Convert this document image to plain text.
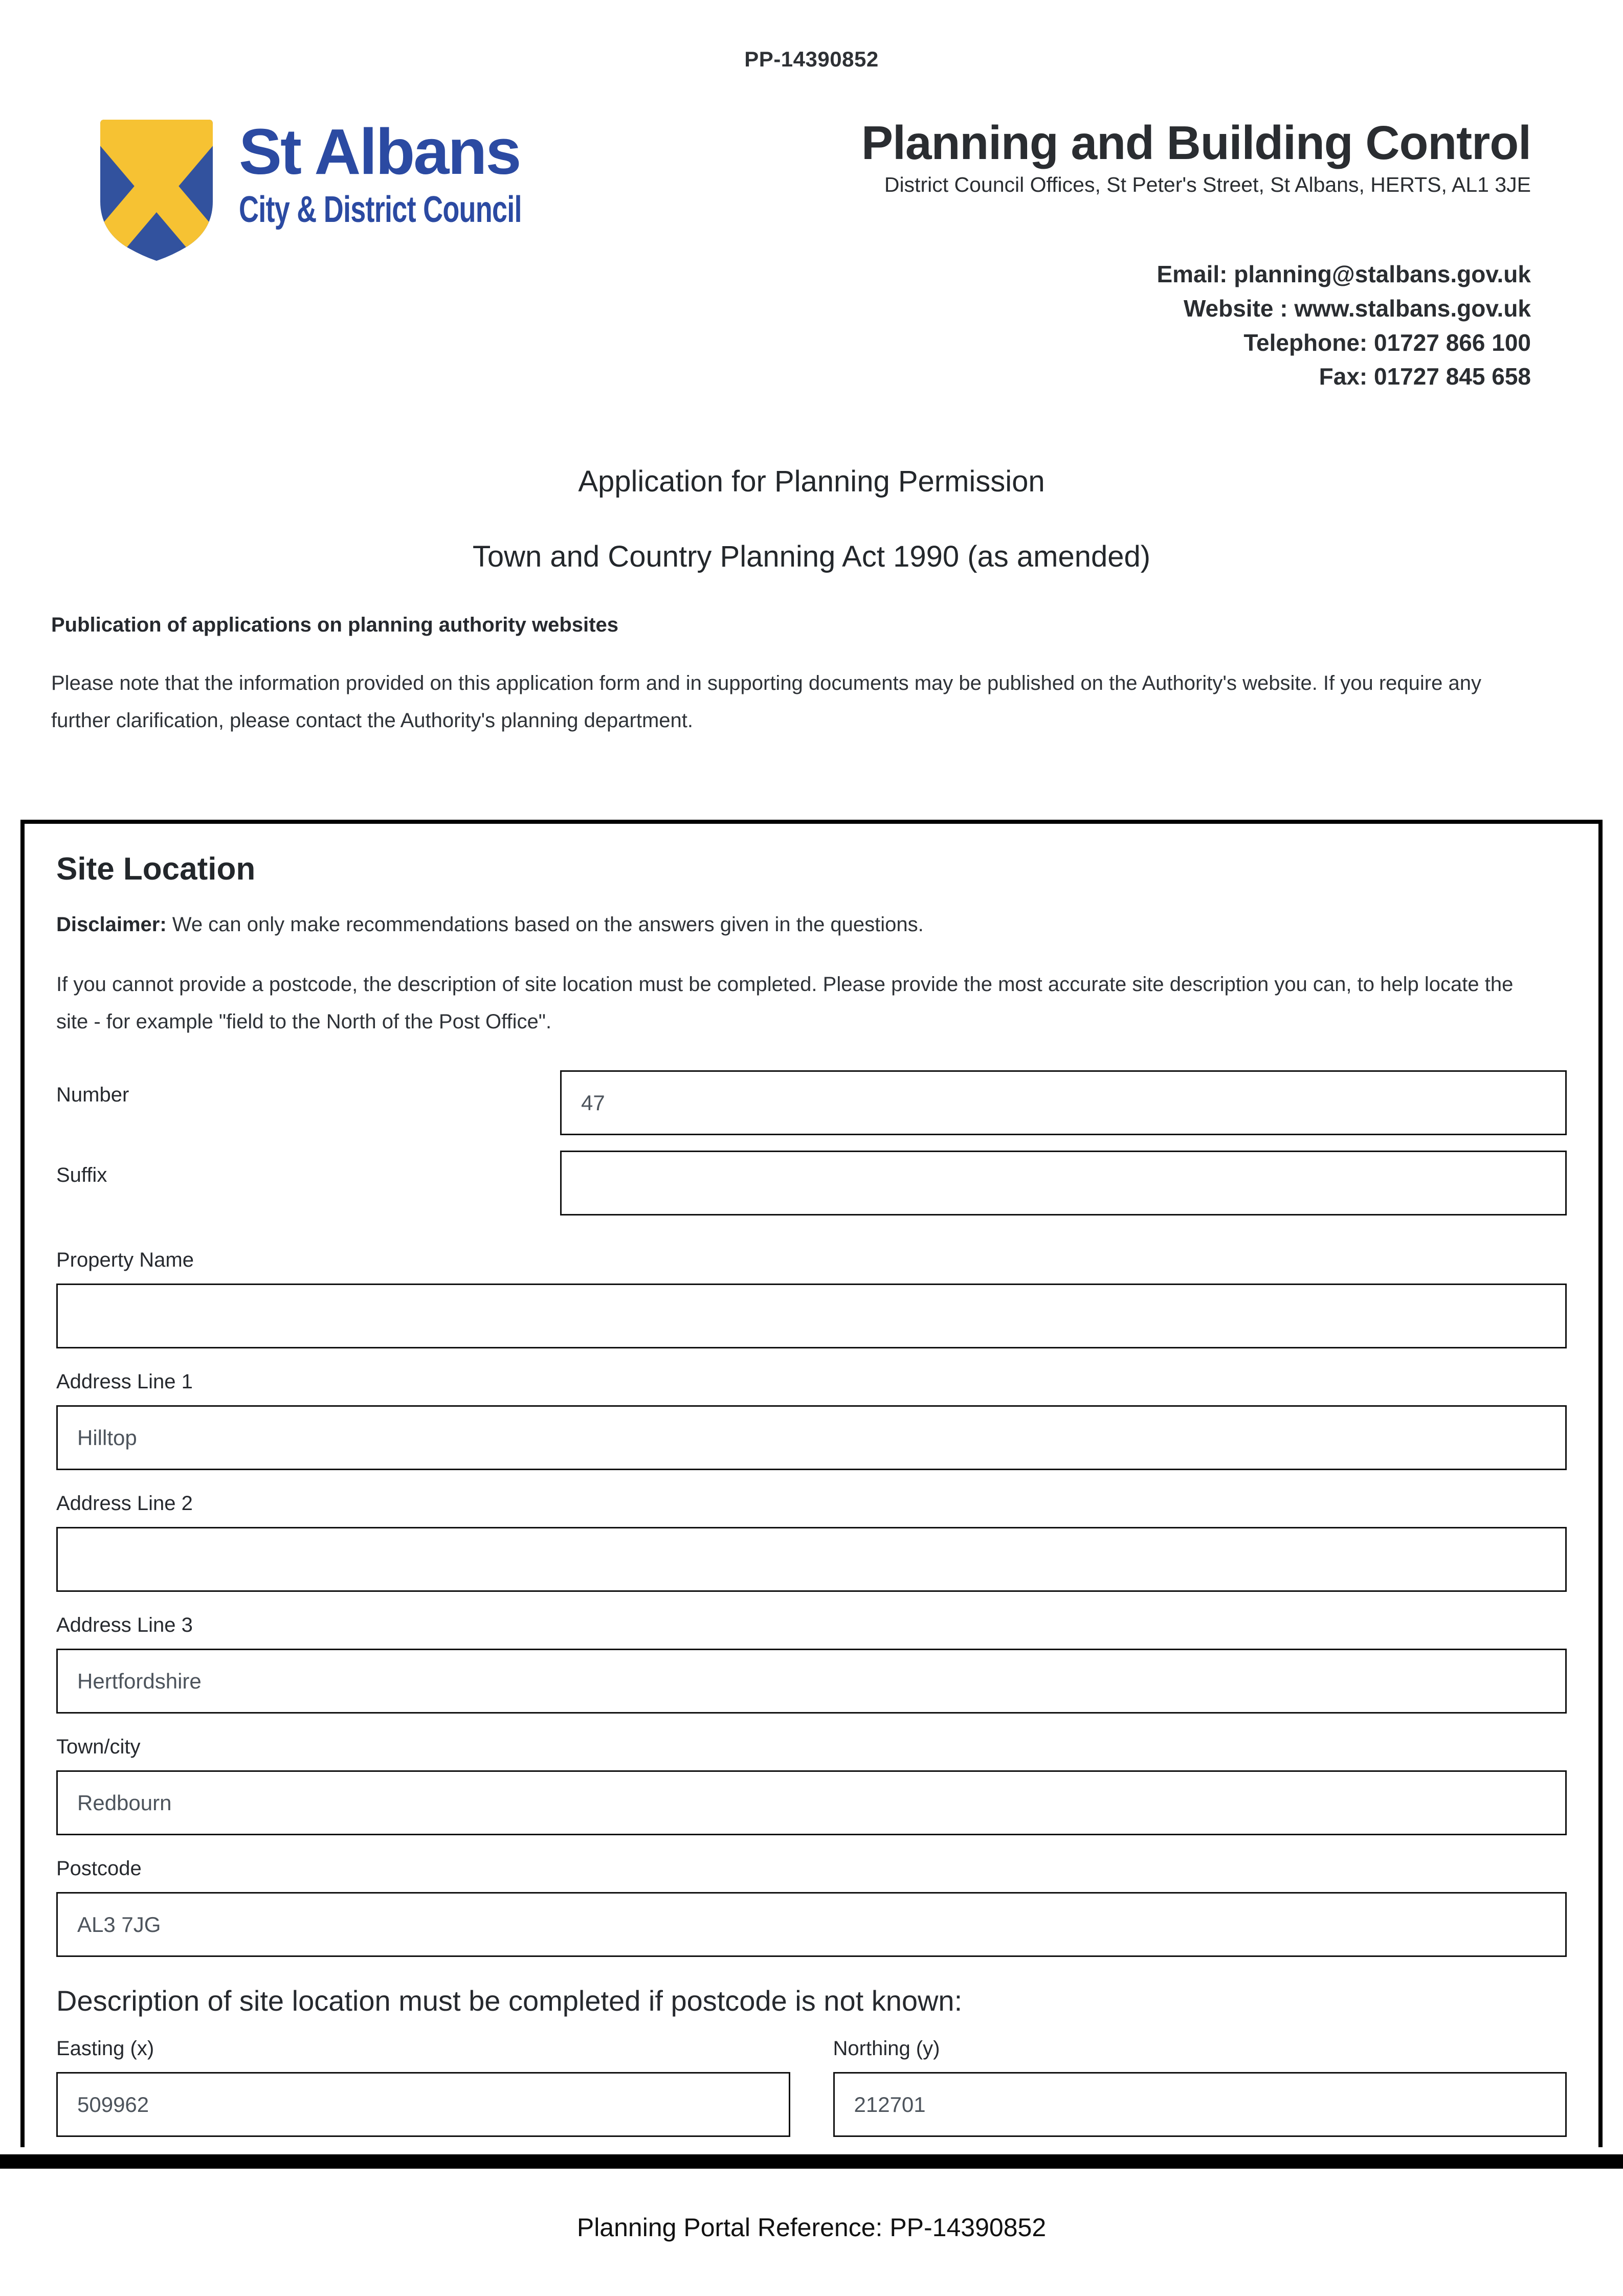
PP-14390852
St Albans
City & District Council
Planning and Building Control
District Council Offices, St Peter's Street, St Albans, HERTS, AL1 3JE
Email: planning@stalbans.gov.uk
Website : www.stalbans.gov.uk
Telephone: 01727 866 100
Fax: 01727 845 658
Application for Planning Permission
Town and Country Planning Act 1990 (as amended)
Publication of applications on planning authority websites
Please note that the information provided on this application form and in supporting documents may be published on the Authority's website. If you require any further clarification, please contact the Authority's planning department.
Site Location
Disclaimer: We can only make recommendations based on the answers given in the questions.
If you cannot provide a postcode, the description of site location must be completed. Please provide the most accurate site description you can, to help locate the site - for example "field to the North of the Post Office".
Number
47
Suffix
Property Name
Address Line 1
Hilltop
Address Line 2
Address Line 3
Hertfordshire
Town/city
Redbourn
Postcode
AL3 7JG
Description of site location must be completed if postcode is not known:
Easting (x)
509962	Northing (y)
212701
Planning Portal Reference: PP-14390852
